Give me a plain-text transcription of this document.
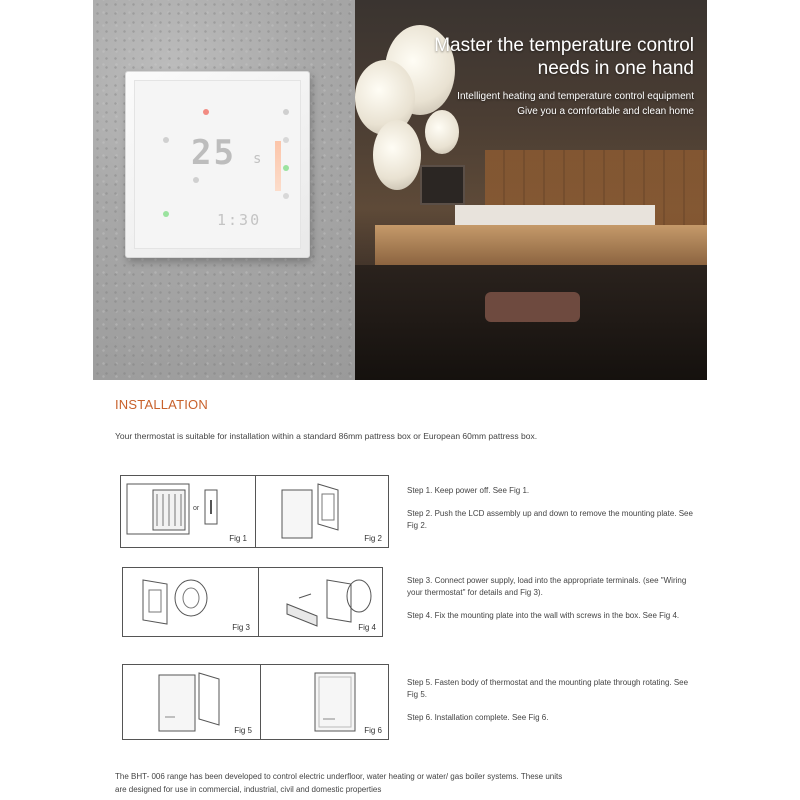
25 s
1:30
Master the temperature control
needs in one hand
Intelligent heating and temperature control equipment
Give you a comfortable and clean home
INSTALLATION
Your thermostat is suitable for installation within a standard 86mm pattress box or European 60mm pattress box.
or
Fig 1	Fig 2

Step 1. Keep power off. See Fig 1.

Step 2. Push the LCD assembly up and down to remove the mounting plate. See Fig 2.

Fig 3	Fig 4

Step 3. Connect power supply, load into the appropriate terminals. (see "Wiring your thermostat" for details and Fig 3).

Step 4. Fix the mounting plate into the wall with screws in the box. See Fig 4.

Fig 5	Fig 6

Step 5. Fasten body of thermostat and the mounting plate through rotating. See Fig 5.

Step 6. Installation complete. See Fig 6.

The BHT- 006 range has been developed to control electric underfloor, water heating or water/ gas boiler systems. These units
are designed for use in commercial, industrial, civil and domestic properties
